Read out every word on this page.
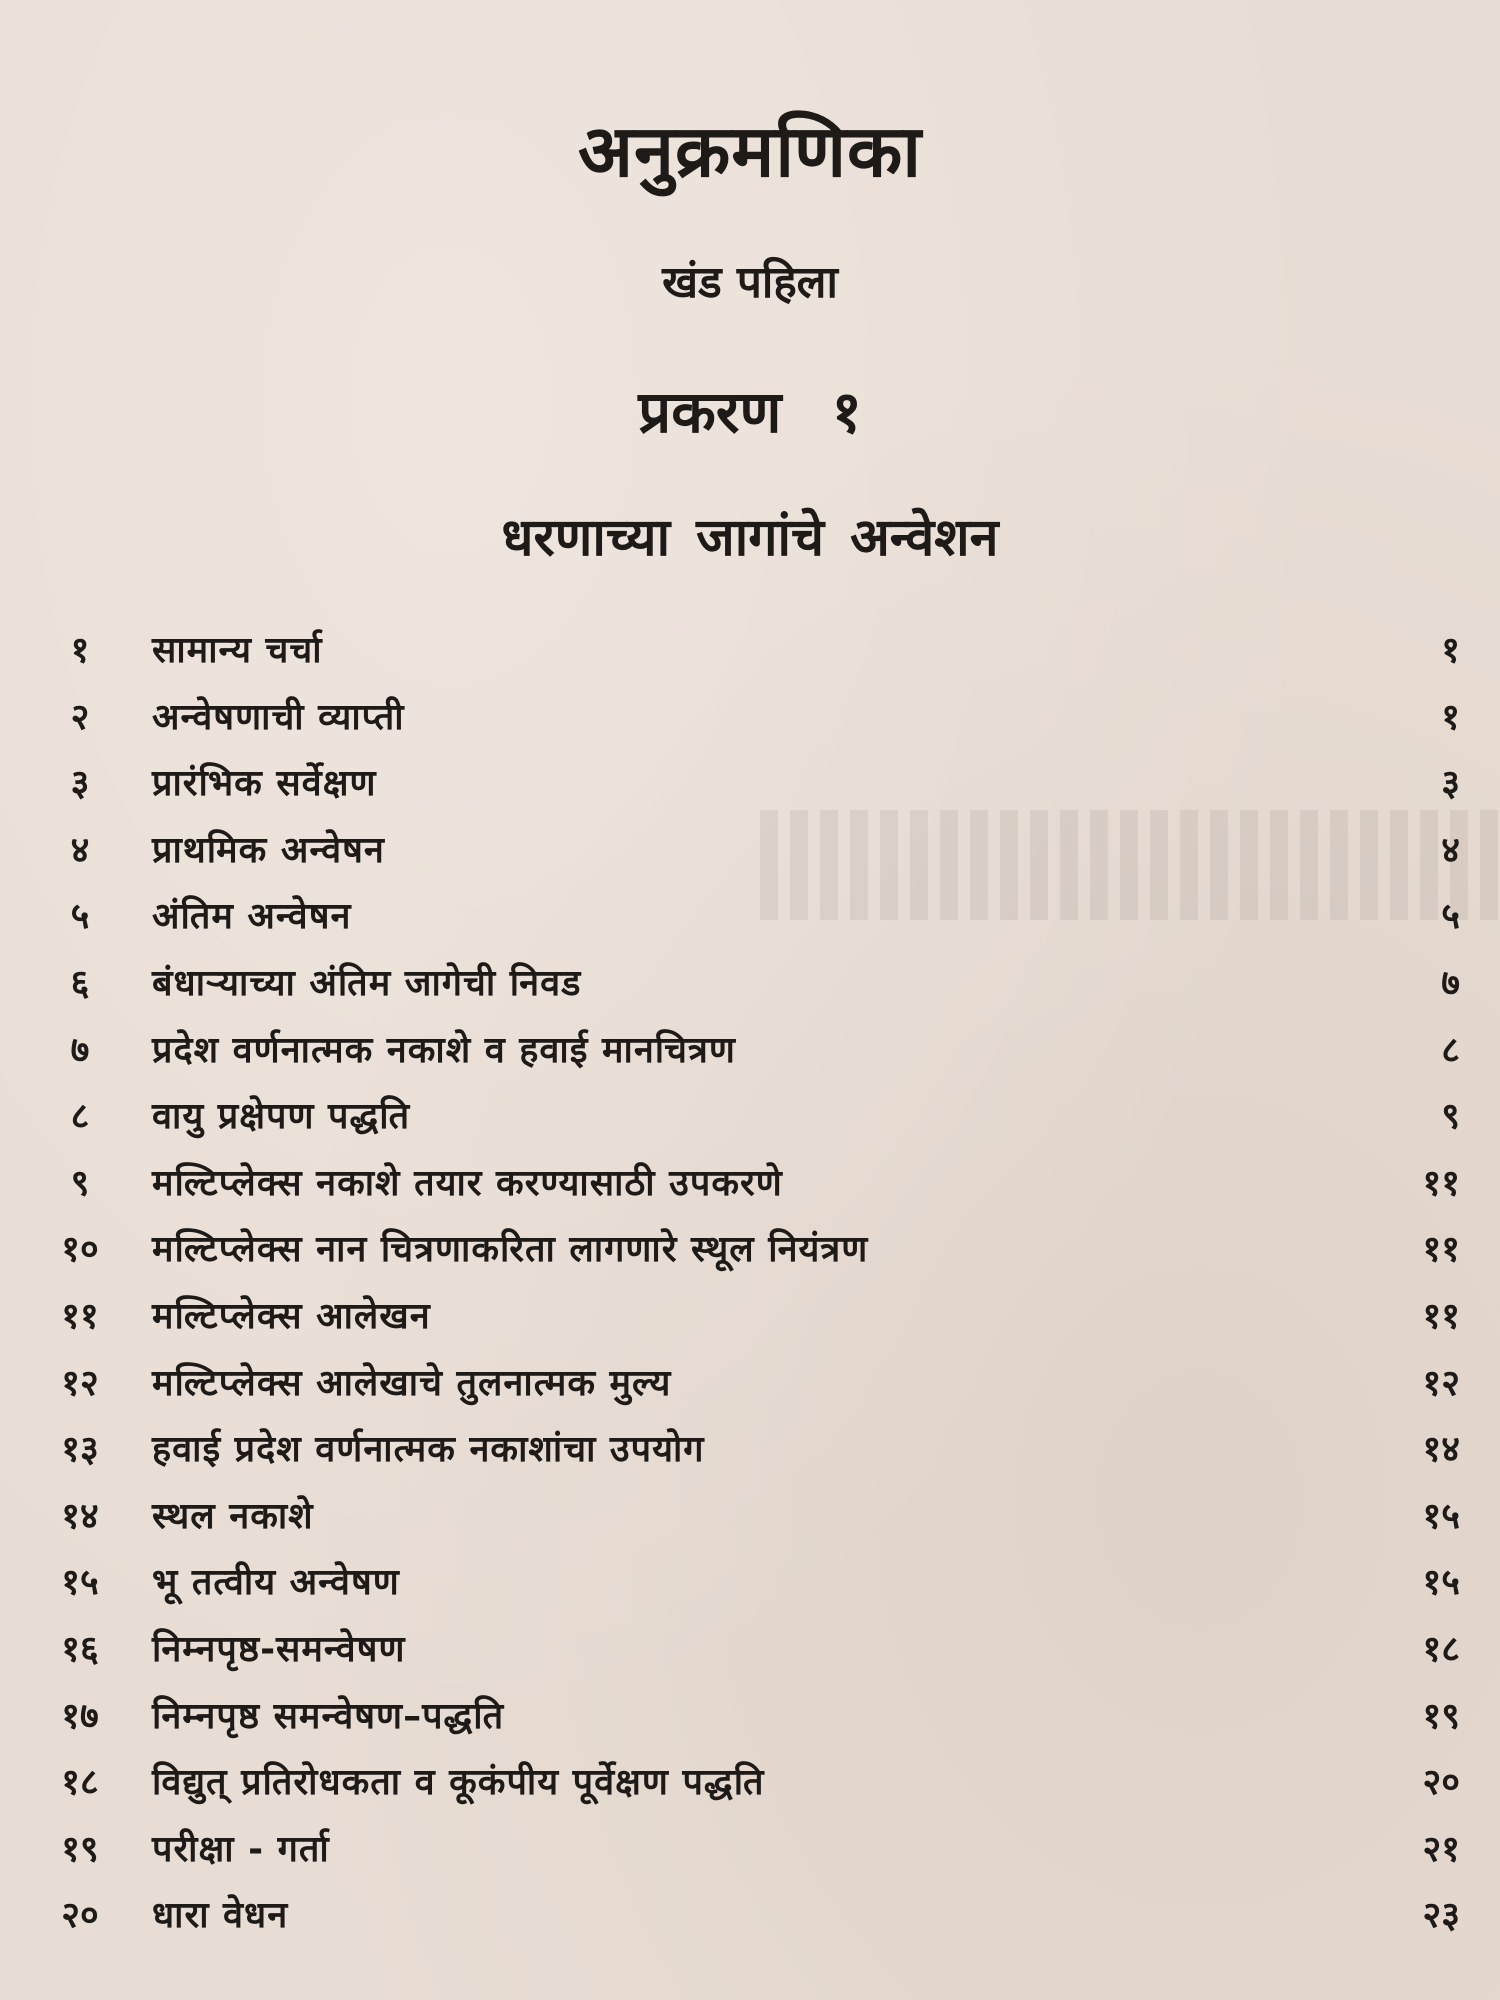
अनुक्रमणिका
खंड पहिला
प्रकरण १
धरणाच्या जागांचे अन्वेशन
१	सामान्य चर्चा	१
२	अन्वेषणाची व्याप्ती	१
३	प्रारंभिक सर्वेक्षण	३
४	प्राथमिक अन्वेषन	४
५	अंतिम अन्वेषन	५
६	बंधाऱ्याच्या अंतिम जागेची निवड	७
७	प्रदेश वर्णनात्मक नकाशे व हवाई मानचित्रण	८
८	वायु प्रक्षेपण पद्धति	९
९	मल्टिप्लेक्स नकाशे तयार करण्यासाठी उपकरणे	११
१०	मल्टिप्लेक्स नान चित्रणाकरिता लागणारे स्थूल नियंत्रण	११
११	मल्टिप्लेक्स आलेखन	११
१२	मल्टिप्लेक्स आलेखाचे तुलनात्मक मुल्य	१२
१३	हवाई प्रदेश वर्णनात्मक नकाशांचा उपयोग	१४
१४	स्थल नकाशे	१५
१५	भू तत्वीय अन्वेषण	१५
१६	निम्नपृष्ठ-समन्वेषण	१८
१७	निम्नपृष्ठ समन्वेषण–पद्धति	१९
१८	विद्युत् प्रतिरोधकता व कूकंपीय पूर्वेक्षण पद्धति	२०
१९	परीक्षा - गर्ता	२१
२०	धारा वेधन	२३
